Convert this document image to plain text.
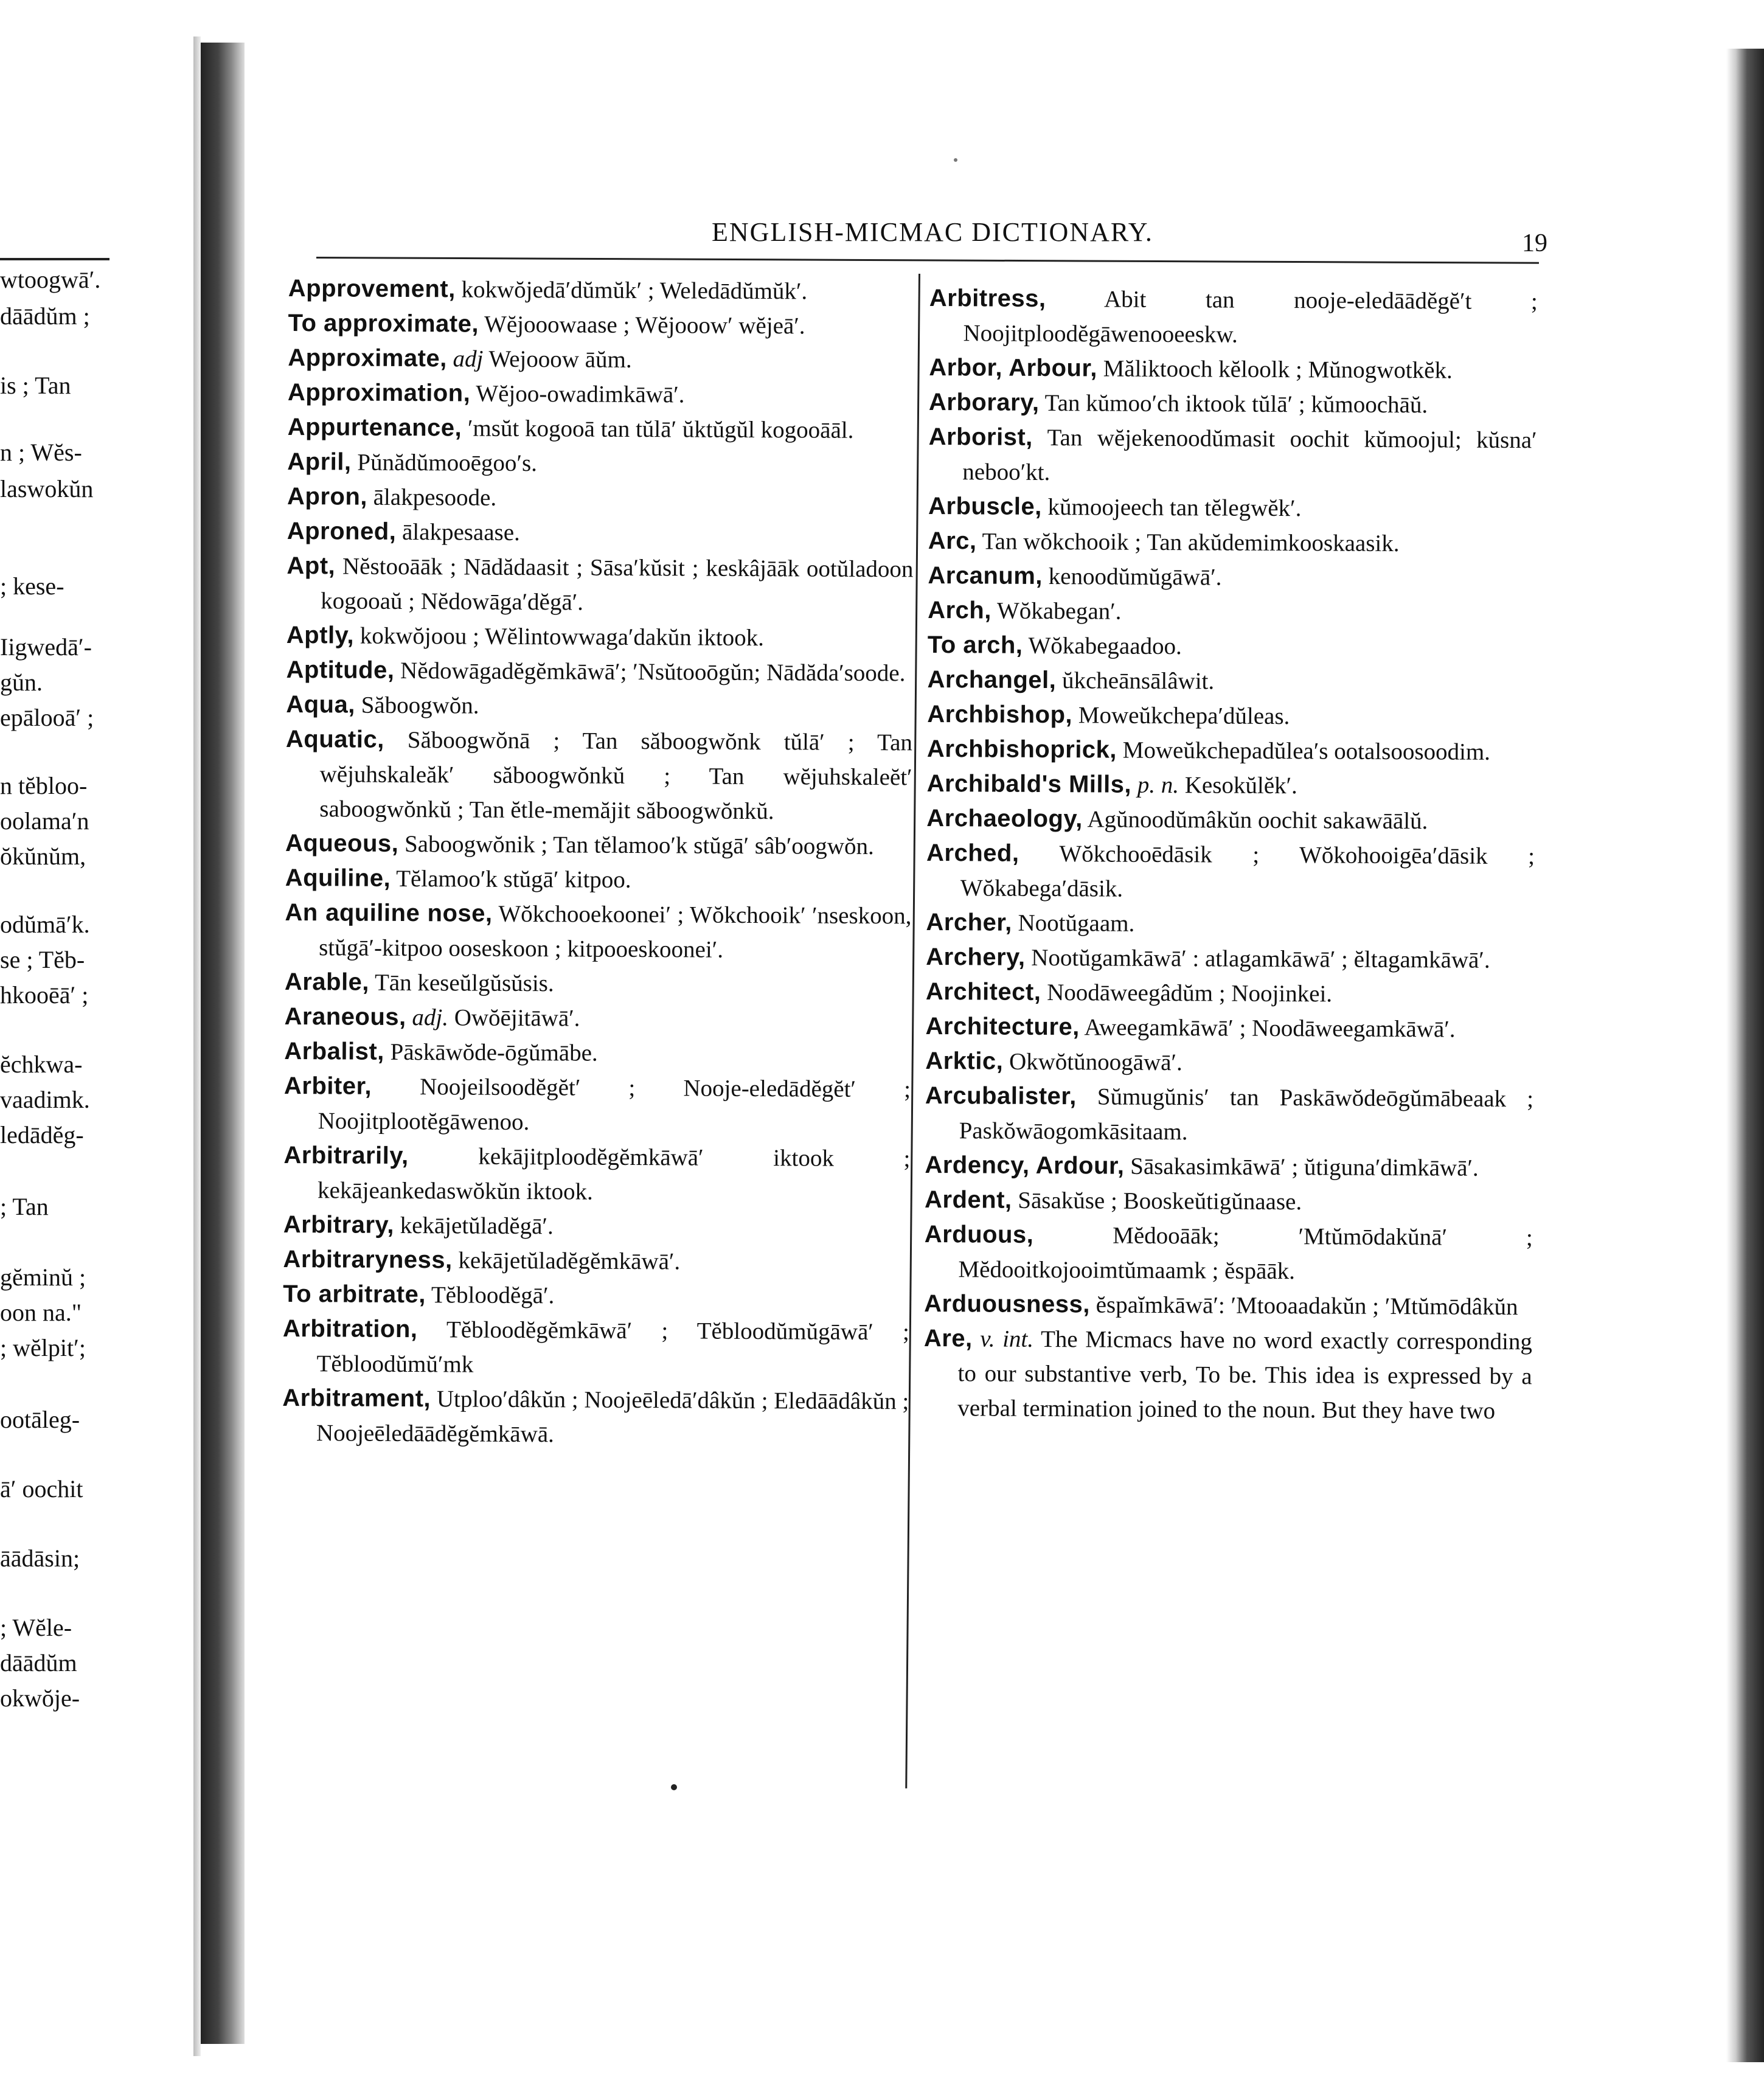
wtoogwā′.
dāādŭm ;
is ; Tan
n ; Wĕs-
laswokŭn
; kese-
Iigwedā′-
gŭn.
epālooā′ ;
n tĕbloo-
oolama′n
ŏkŭnŭm,
odŭmā′k.
se ; Tĕb-
hkooēā′ ;
ĕchkwa-
vaadimk.
ledādĕg-
; Tan
gĕminŭ ;
oon na."
; wĕlpit′;
ootāleg-
ā′ oochit
āādāsin;
; Wĕle-
dāādŭm
okwŏje-
ENGLISH-MICMAC DICTIONARY.	19
Approvement, kokwŏjedā′dŭmŭk′ ; Weledādŭmŭk′.
To approximate, Wĕjooowaase ; Wĕjooow′ wĕjeā′.
Approximate, adj Wejooow āŭm.
Approximation, Wĕjoo-owadimkāwā′.
Appurtenance, ′msŭt kogooā tan tŭlā′ ŭktŭgŭl kogooāāl.
April, Pŭnădŭmooēgoo′s.
Apron, ālakpesoode.
Aproned, ālakpesaase.
Apt, Nĕstooāāk ; Nādădaasit ; Sāsa′kŭsit ; keskâjāāk ootŭladoon kogooaŭ ; Nĕdowāga′dĕgā′.
Aptly, kokwŏjoou ; Wĕlintowwaga′dakŭn iktook.
Aptitude, Nĕdowāgadĕgĕmkāwā′; ′Nsŭtooōgŭn; Nādăda′soode.
Aqua, Săboogwŏn.
Aquatic, Săboogwŏnā ; Tan săboogwŏnk tŭlā′ ; Tan wĕjuhskaleăk′ săboogwŏnkŭ ; Tan wĕjuhskaleĕt′ saboogwŏnkŭ ; Tan ĕtle-memăjit săboogwŏnkŭ.
Aqueous, Saboogwŏnik ; Tan tĕlamoo′k stŭgā′ sâb′oogwŏn.
Aquiline, Tĕlamoo′k stŭgā′ kitpoo.
An aquiline nose, Wŏkchooekoonei′ ; Wŏkchooik′ ′nseskoon, stŭgā′-kitpoo ooseskoon ; kitpooeskoonei′.
Arable, Tān keseŭlgŭsŭsis.
Araneous, adj. Owŏējitāwā′.
Arbalist, Pāskāwŏde-ōgŭmābe.
Arbiter, Noojeilsoodĕgĕt′ ; Nooje-eledādĕgĕt′ ; Noojitplootĕgāwenoo.
Arbitrarily,	kekājitploodĕgĕmkāwā′ iktook ; kekājeankedaswŏkŭn iktook.
Arbitrary, kekājetŭladĕgā′.
Arbitraryness, kekājetŭladĕgĕmkāwā′.
To arbitrate, Tĕbloodĕgā′.
Arbitration, Tĕbloodĕgĕmkāwā′ ; Tĕbloodŭmŭgāwā′ ; Tĕbloodŭmŭ′mk
Arbitrament, Utploo′dâkŭn ; Noojeēledā′dâkŭn ; Eledāādâkŭn ; Noojeēledāādĕgĕmkāwā.
Arbitress, Abit tan nooje-eledāādĕgĕ′t ; Noojitploodĕgāwenooeeskw.
Arbor, Arbour, Măliktooch kĕloolk ; Mŭnogwotkĕk.
Arborary, Tan kŭmoo′ch iktook tŭlā′ ; kŭmoochāŭ.
Arborist, Tan wĕjekenoodŭmasit oochit kŭmoojul; kŭsna′ neboo′kt.
Arbuscle, kŭmoojeech tan tĕlegwĕk′.
Arc, Tan wŏkchooik ; Tan akŭdemimkooskaasik.
Arcanum, kenoodŭmŭgāwā′.
Arch, Wŏkabegan′.
To arch, Wŏkabegaadoo.
Archangel, ŭkcheānsālâwit.
Archbishop, Moweŭkchepa′dŭleas.
Archbishoprick, Moweŭkchepadŭlea′s ootalsoosoodim.
Archibald's Mills, p. n. Kesokŭlĕk′.
Archaeology, Agŭnoodŭmâkŭn oochit sakawāālŭ.
Arched, Wŏkchooēdāsik ; Wŏkohooigēa′dāsik ; Wŏkabega′dāsik.
Archer, Nootŭgaam.
Archery, Nootŭgamkāwā′ : atlagamkāwā′ ; ĕltagamkāwā′.
Architect, Noodāweegâdŭm ; Noojinkei.
Architecture, Aweegamkāwā′ ; Noodāweegamkāwā′.
Arktic, Okwŏtŭnoogāwā′.
Arcubalister, Sŭmugŭnis′ tan Paskāwŏdeōgŭmābeaak ; Paskŏwāogomkāsitaam.
Ardency, Ardour, Sāsakasimkāwā′ ; ŭtiguna′dimkāwā′.
Ardent, Sāsakŭse ; Booskeŭtigŭnaase.
Arduous,	Mĕdooāāk; ′Mtŭmōdakŭnā′ ; Mĕdooitkojooimtŭmaamk ; ĕspāāk.
Arduousness, ĕspaĭmkāwā′: ′Mtooaadakŭn ; ′Mtŭmōdâkŭn
Are, v. int. The Micmacs have no word exactly corresponding to our substantive verb, To be. This idea is expressed by a verbal termination joined to the noun. But they have two
